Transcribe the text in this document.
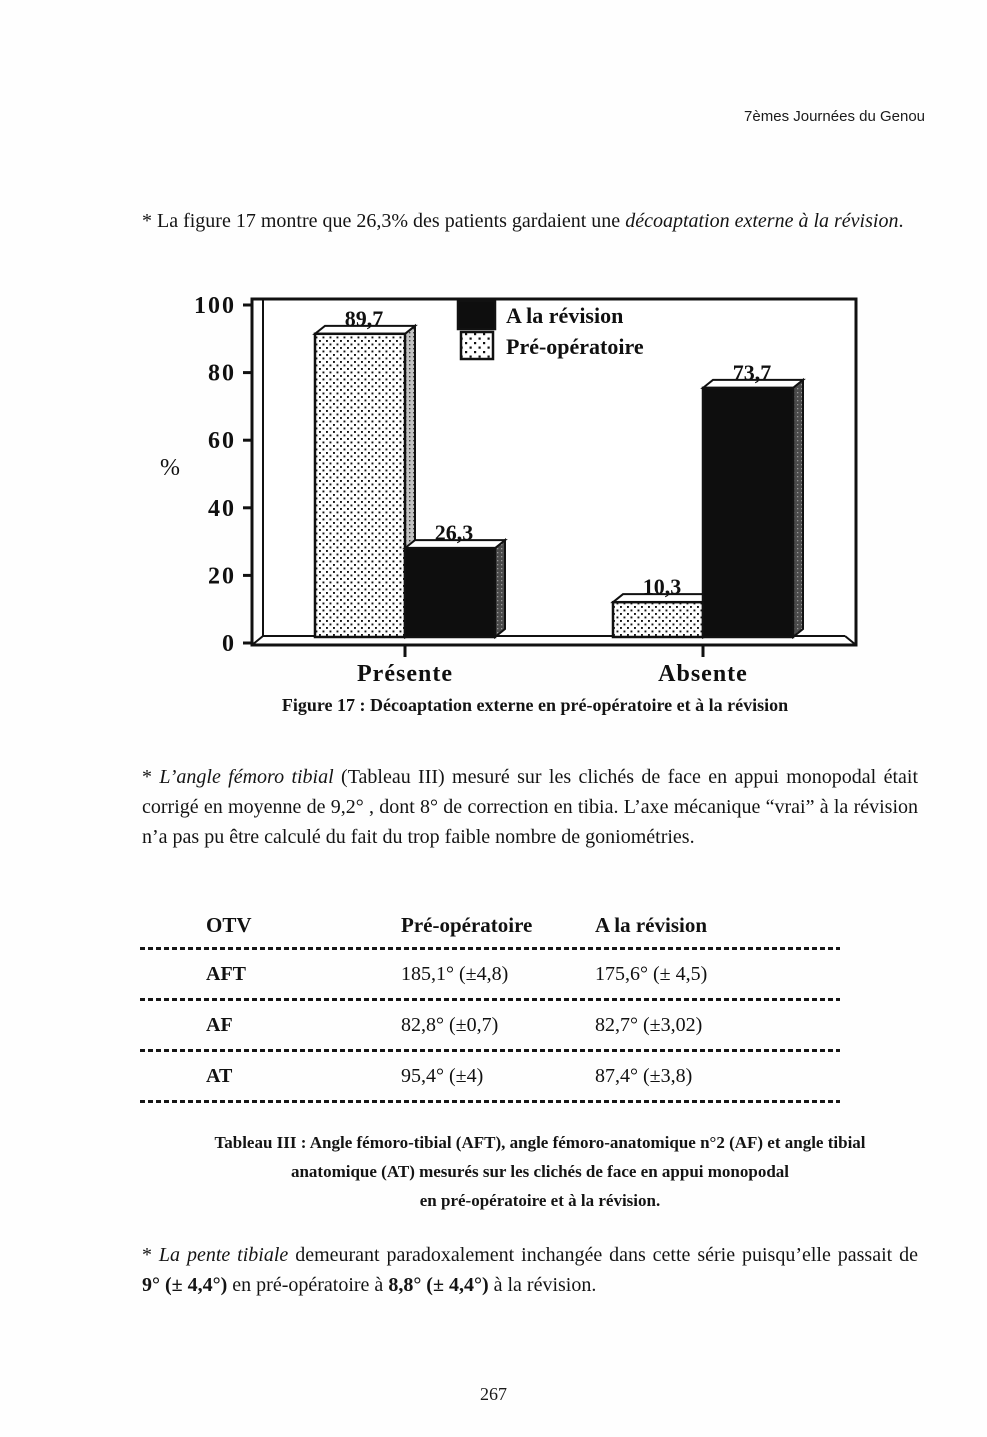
7èmes Journées du Genou
* La figure 17 montre que 26,3% des patients gardaient une décoaptation externe à la révision.
%
0
20
40
60
80
100	89,7
26,3
Présente
10,3
73,7
Absente
A la révision
Pré-opératoire
Figure 17 : Décoaptation externe en pré-opératoire et à la révision
* L’angle fémoro tibial (Tableau III) mesuré sur les clichés de face en appui monopodal était corrigé en moyenne de 9,2° , dont 8° de correction en tibia. L’axe mécanique “vrai” à la révision n’a pas pu être calculé du fait du trop faible nombre de goniométries.
OTV	Pré-opératoire	A la révision
AFT	185,1° (±4,8)	175,6° (± 4,5)
AF	82,8° (±0,7)	82,7° (±3,02)
AT	95,4° (±4)	87,4° (±3,8)
Tableau III : Angle fémoro-tibial (AFT), angle fémoro-anatomique n°2 (AF) et angle tibial
anatomique (AT) mesurés sur les clichés de face en appui monopodal
en pré-opératoire et à la révision.
* La pente tibiale demeurant paradoxalement inchangée dans cette série puisqu’elle passait de 9° (± 4,4°) en pré-opératoire à 8,8° (± 4,4°) à la révision.
267
